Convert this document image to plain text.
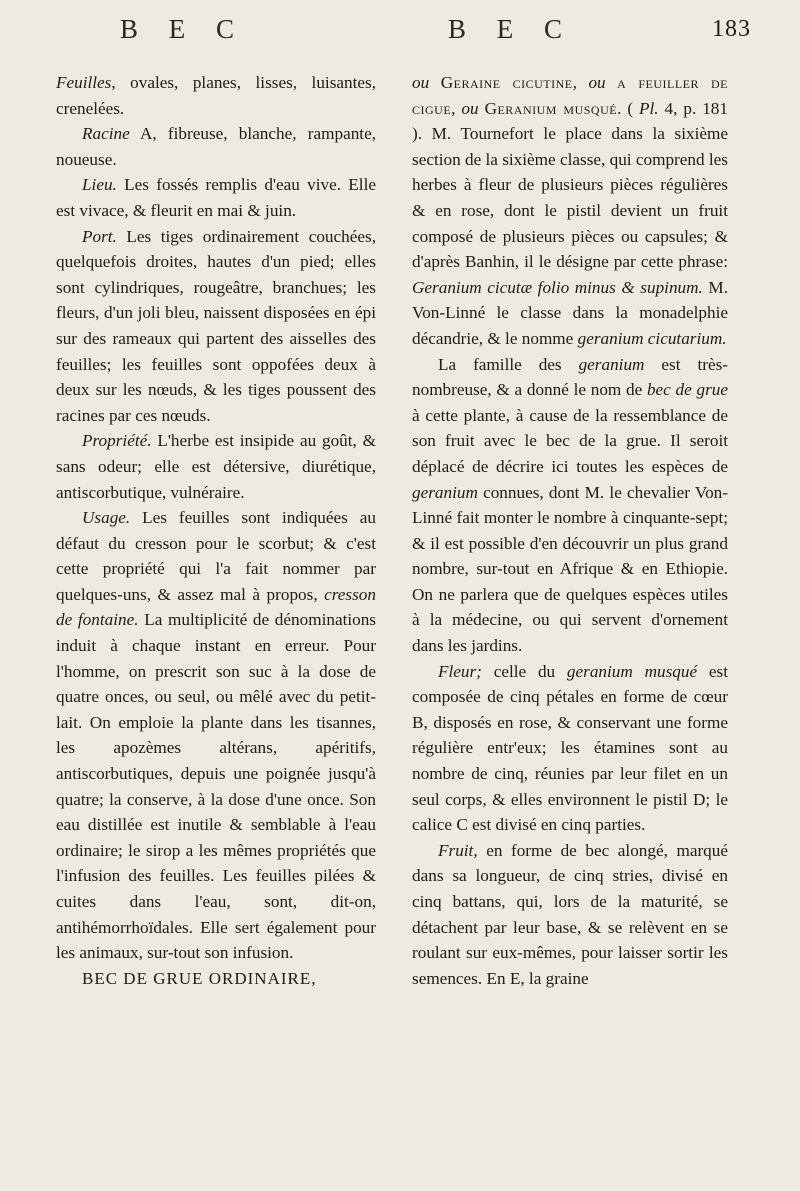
B E C	B E C	183

Feuilles, ovales, planes, lisses, luisantes, crenelées.

Racine A, fibreuse, blanche, rampante, noueuse.

Lieu. Les fossés remplis d'eau vive. Elle est vivace, & fleurit en mai & juin.

Port. Les tiges ordinairement couchées, quelquefois droites, hautes d'un pied; elles sont cylindriques, rougeâtre, branchues; les fleurs, d'un joli bleu, naissent disposées en épi sur des rameaux qui partent des aisselles des feuilles; les feuilles sont oppofées deux à deux sur les nœuds, & les tiges poussent des racines par ces nœuds.

Propriété. L'herbe est insipide au goût, & sans odeur; elle est détersive, diurétique, antiscorbutique, vulnéraire.

Usage. Les feuilles sont indiquées au défaut du cresson pour le scorbut; & c'est cette propriété qui l'a fait nommer par quelques-uns, & assez mal à propos, cresson de fontaine. La multiplicité de dénominations induit à chaque instant en erreur. Pour l'homme, on prescrit son suc à la dose de quatre onces, ou seul, ou mêlé avec du petit-lait. On emploie la plante dans les tisannes, les apozèmes altérans, apéritifs, antiscorbutiques, depuis une poignée jusqu'à quatre; la conserve, à la dose d'une once. Son eau distillée est inutile & semblable à l'eau ordinaire; le sirop a les mêmes propriétés que l'infusion des feuilles. Les feuilles pilées & cuites dans l'eau, sont, dit-on, antihémorrhoïdales. Elle sert également pour les animaux, sur-tout son infusion.

BEC DE GRUE ORDINAIRE,

ou Geraine cicutine, ou a feuiller de cigue, ou Geranium musqué. ( Pl. 4, p. 181 ). M. Tournefort le place dans la sixième section de la sixième classe, qui comprend les herbes à fleur de plusieurs pièces régulières & en rose, dont le pistil devient un fruit composé de plusieurs pièces ou capsules; & d'après Banhin, il le désigne par cette phrase: Geranium cicutæ folio minus & supinum. M. Von-Linné le classe dans la monadelphie décandrie, & le nomme geranium cicutarium.

La famille des geranium est très-nombreuse, & a donné le nom de bec de grue à cette plante, à cause de la ressemblance de son fruit avec le bec de la grue. Il seroit déplacé de décrire ici toutes les espèces de geranium connues, dont M. le chevalier Von-Linné fait monter le nombre à cinquante-sept; & il est possible d'en découvrir un plus grand nombre, sur-tout en Afrique & en Ethiopie. On ne parlera que de quelques espèces utiles à la médecine, ou qui servent d'ornement dans les jardins.

Fleur; celle du geranium musqué est composée de cinq pétales en forme de cœur B, disposés en rose, & conservant une forme régulière entr'eux; les étamines sont au nombre de cinq, réunies par leur filet en un seul corps, & elles environnent le pistil D; le calice C est divisé en cinq parties.

Fruit, en forme de bec alongé, marqué dans sa longueur, de cinq stries, divisé en cinq battans, qui, lors de la maturité, se détachent par leur base, & se relèvent en se roulant sur eux-mêmes, pour laisser sortir les semences. En E, la graine
